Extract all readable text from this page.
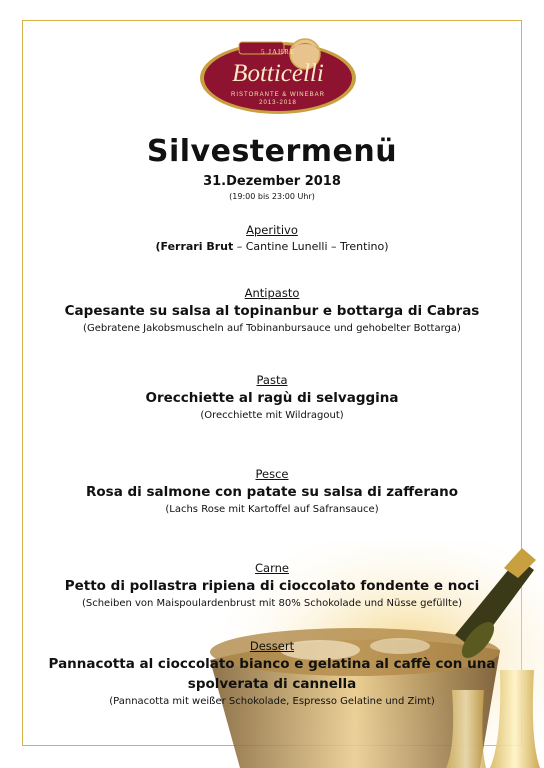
5 JAHRE
Botticelli
RISTORANTE & WINEBAR
2013-2018
Silvestermenü
31.Dezember 2018
(19:00 bis 23:00 Uhr)
Aperitivo
(Ferrari Brut – Cantine Lunelli – Trentino)
Antipasto
Capesante su salsa al topinanbur e bottarga di Cabras
(Gebratene Jakobsmuscheln auf Tobinanbursauce und gehobelter Bottarga)
Pasta
Orecchiette al ragù di selvaggina
(Orecchiette mit Wildragout)
Pesce
Rosa di salmone con patate su salsa di zafferano
(Lachs Rose mit Kartoffel auf Safransauce)
Carne
Petto di pollastra ripiena di cioccolato fondente e noci
(Scheiben von Maispoulardenbrust mit 80% Schokolade und Nüsse gefüllte)
Dessert
Pannacotta al cioccolato bianco e gelatina al caffè con una
spolverata di cannella
(Pannacotta mit weißer Schokolade, Espresso Gelatine und Zimt)
